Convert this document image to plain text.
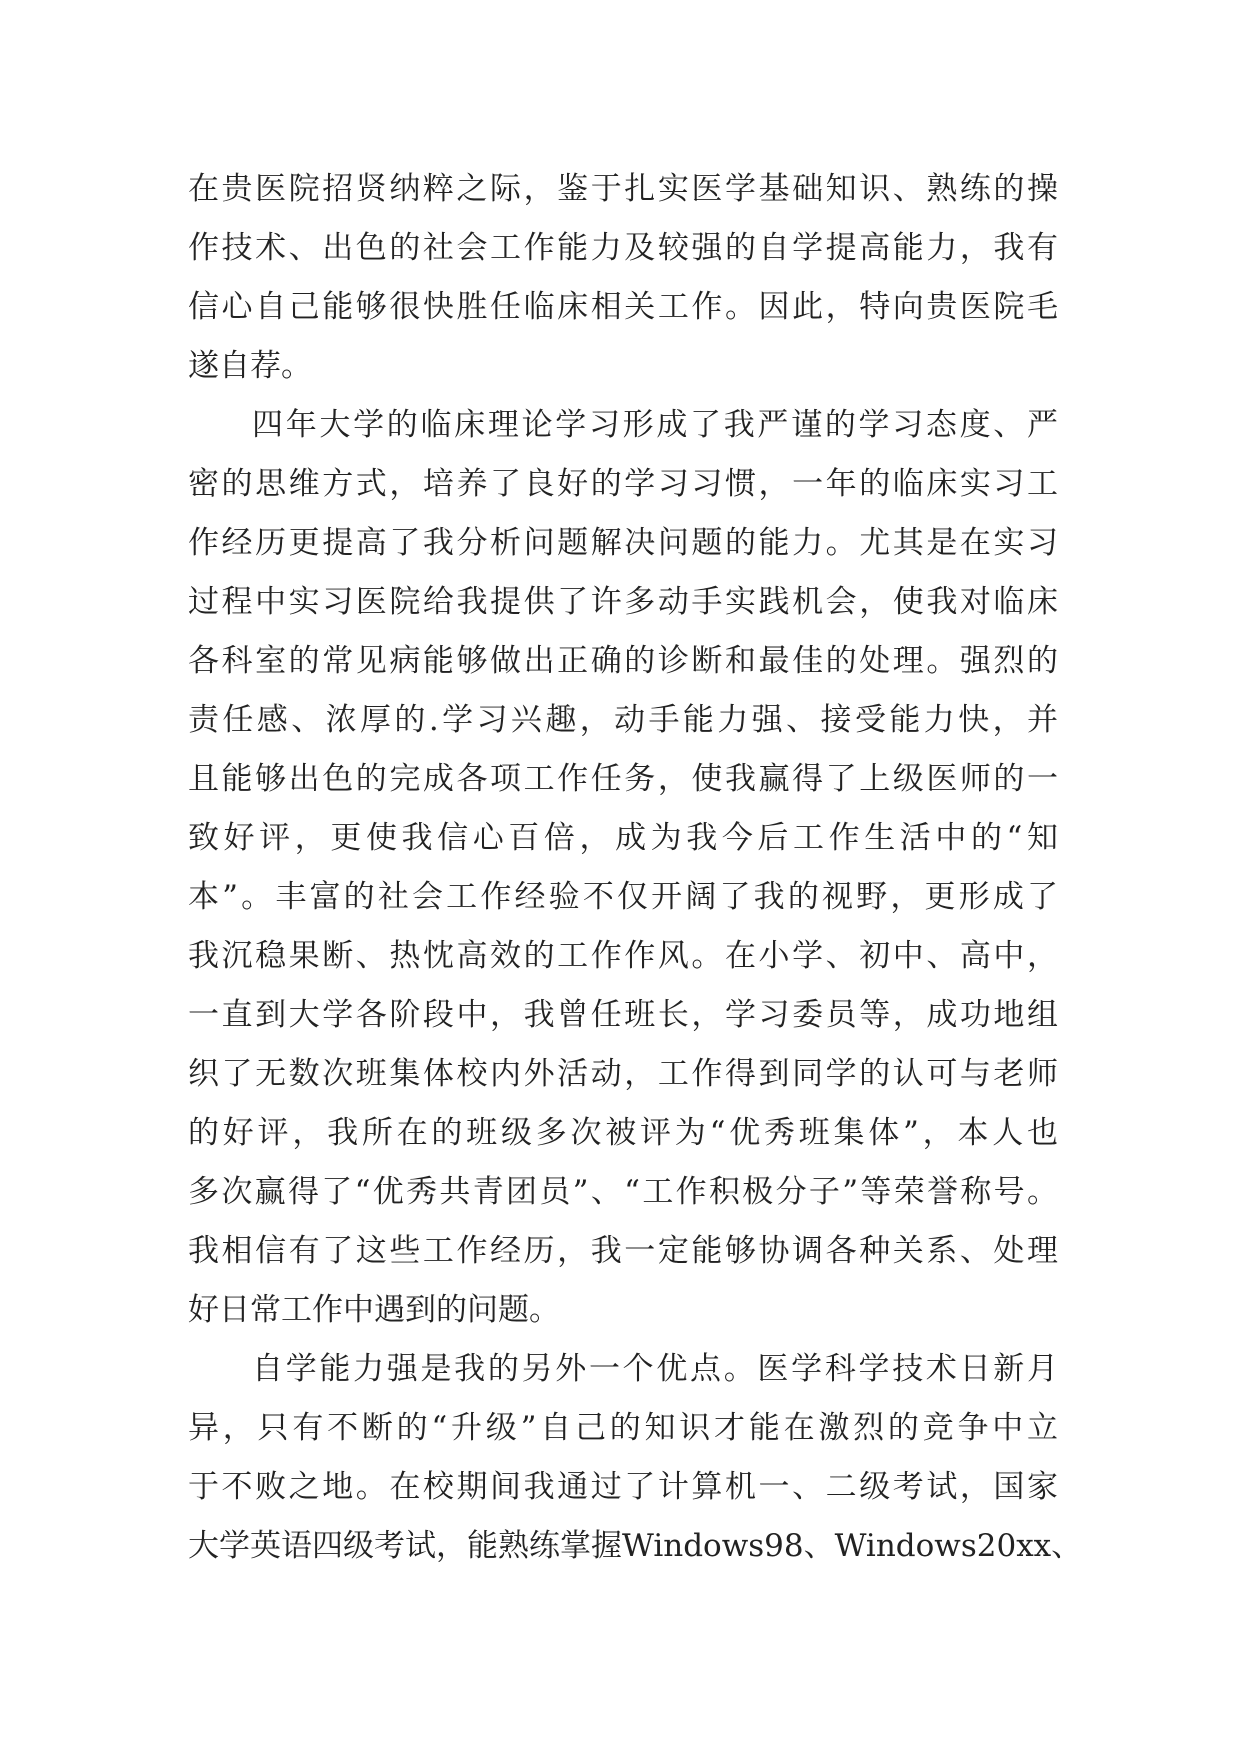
在贵医院招贤纳粹之际，鉴于扎实医学基础知识、熟练的操
作技术、出色的社会工作能力及较强的自学提高能力，我有
信心自己能够很快胜任临床相关工作。因此，特向贵医院毛
遂自荐。
四年大学的临床理论学习形成了我严谨的学习态度、严
密的思维方式，培养了良好的学习习惯，一年的临床实习工
作经历更提高了我分析问题解决问题的能力。尤其是在实习
过程中实习医院给我提供了许多动手实践机会，使我对临床
各科室的常见病能够做出正确的诊断和最佳的处理。强烈的
责任感、浓厚的.学习兴趣，动手能力强、接受能力快，并
且能够出色的完成各项工作任务，使我赢得了上级医师的一
致好评，更使我信心百倍，成为我今后工作生活中的“知
本”。丰富的社会工作经验不仅开阔了我的视野，更形成了
我沉稳果断、热忱高效的工作作风。在小学、初中、高中，
一直到大学各阶段中，我曾任班长，学习委员等，成功地组
织了无数次班集体校内外活动，工作得到同学的认可与老师
的好评，我所在的班级多次被评为“优秀班集体”，本人也
多次赢得了“优秀共青团员”、“工作积极分子”等荣誉称号。
我相信有了这些工作经历，我一定能够协调各种关系、处理
好日常工作中遇到的问题。
自学能力强是我的另外一个优点。医学科学技术日新月
异，只有不断的“升级”自己的知识才能在激烈的竞争中立
于不败之地。在校期间我通过了计算机一、二级考试，国家
大学英语四级考试，能熟练掌握Windows98、Windows20xx、
